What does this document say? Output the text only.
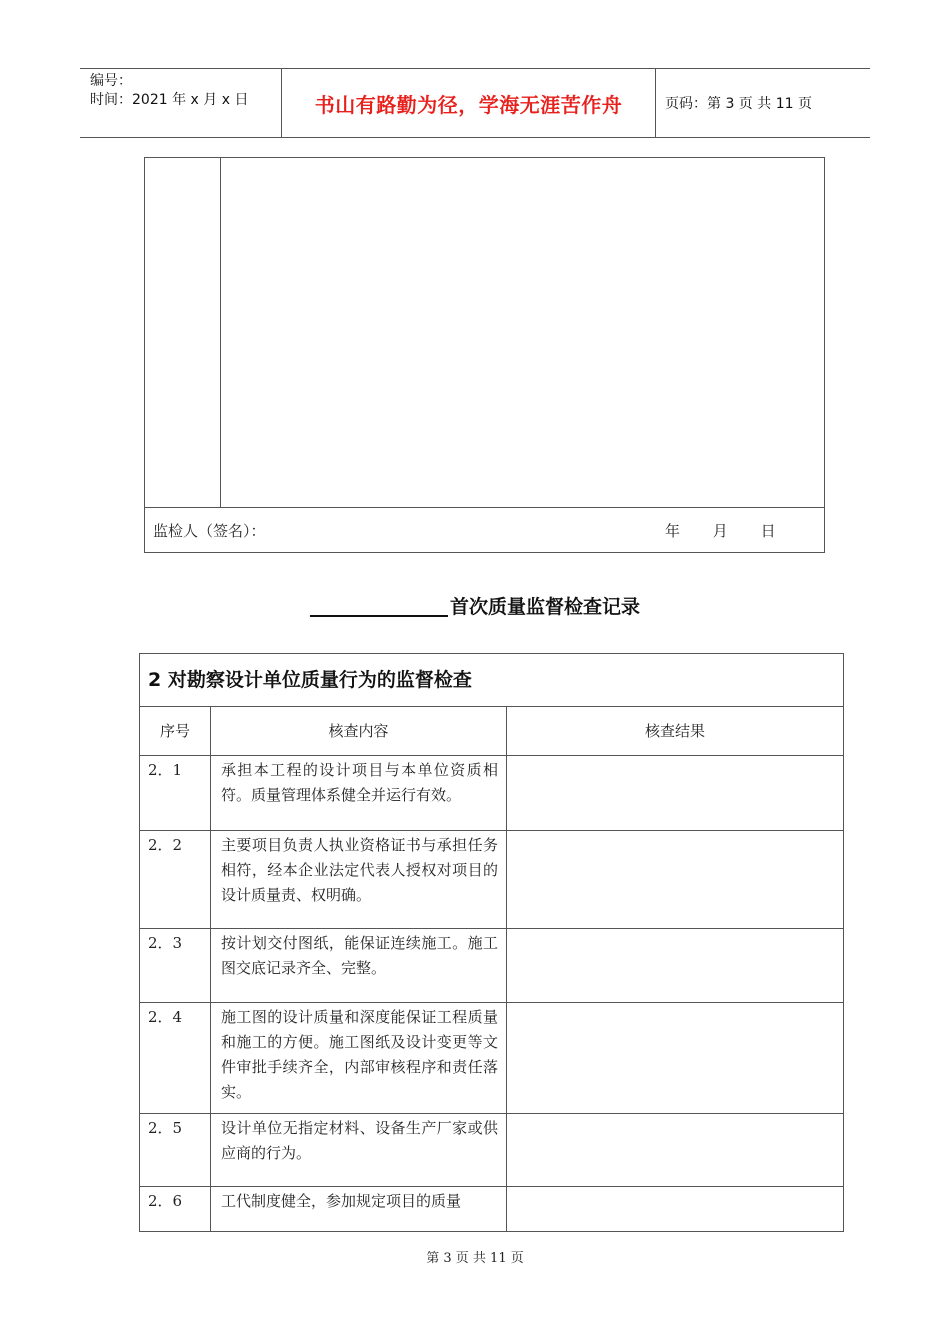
编号：
时间：2021 年 x 月 x 日	书山有路勤为径，学海无涯苦作舟	页码：第 3 页 共 11 页
监检人（签名）：	年 月 日
首次质量监督检查记录
2 对勘察设计单位质量行为的监督检查		
序号	核查内容	核查结果
2．1	承担本工程的设计项目与本单位资质相符。质量管理体系健全并运行有效。	
2．2	主要项目负责人执业资格证书与承担任务相符，经本企业法定代表人授权对项目的设计质量责、权明确。	
2．3	按计划交付图纸，能保证连续施工。施工图交底记录齐全、完整。	
2．4	施工图的设计质量和深度能保证工程质量和施工的方便。施工图纸及设计变更等文件审批手续齐全，内部审核程序和责任落实。	
2．5	设计单位无指定材料、设备生产厂家或供应商的行为。	
2．6	工代制度健全，参加规定项目的质量	
第 3 页 共 11 页
